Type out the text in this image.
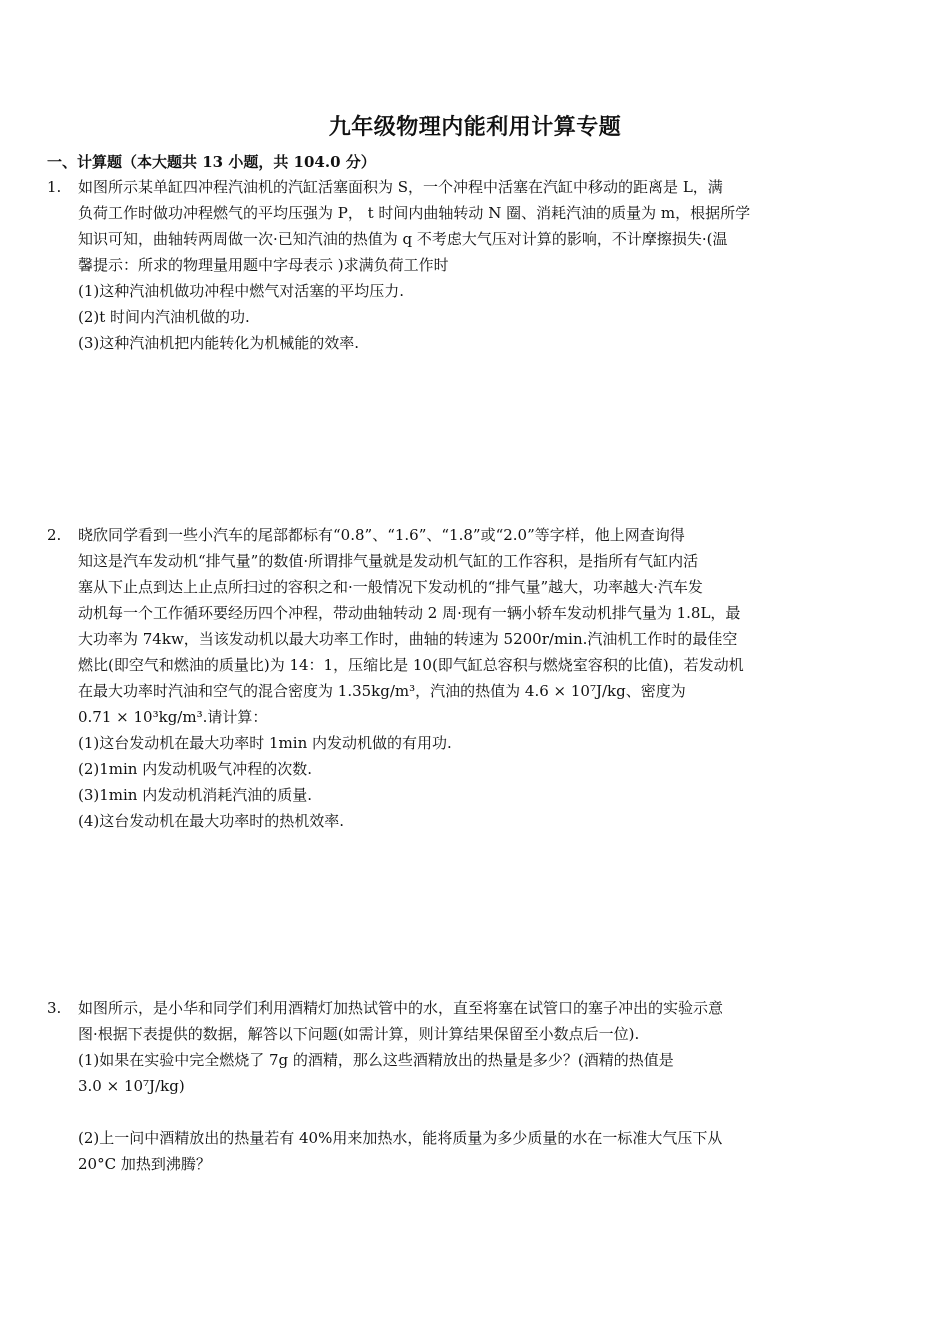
九年级物理内能利用计算专题
一、计算题（本大题共 13 小题，共 104.0 分）
1.	如图所示某单缸四冲程汽油机的汽缸活塞面积为 S，一个冲程中活塞在汽缸中移动的距离是 L，满
负荷工作时做功冲程燃气的平均压强为 P， t 时间内曲轴转动 N 圈、消耗汽油的质量为 m，根据所学
知识可知，曲轴转两周做一次·已知汽油的热值为 q 不考虑大气压对计算的影响，不计摩擦损失·(温
馨提示：所求的物理量用题中字母表示 )求满负荷工作时
(1)这种汽油机做功冲程中燃气对活塞的平均压力.
(2)t 时间内汽油机做的功.
(3)这种汽油机把内能转化为机械能的效率.
2.	晓欣同学看到一些小汽车的尾部都标有“0.8”、“1.6”、“1.8”或“2.0”等字样，他上网查询得
知这是汽车发动机“排气量”的数值·所谓排气量就是发动机气缸的工作容积，是指所有气缸内活
塞从下止点到达上止点所扫过的容积之和·一般情况下发动机的“排气量”越大，功率越大·汽车发
动机每一个工作循环要经历四个冲程，带动曲轴转动 2 周·现有一辆小轿车发动机排气量为 1.8L，最
大功率为 74kw，当该发动机以最大功率工作时，曲轴的转速为 5200r/min.汽油机工作时的最佳空
燃比(即空气和燃油的质量比)为 14：1，压缩比是 10(即气缸总容积与燃烧室容积的比值)，若发动机
在最大功率时汽油和空气的混合密度为 1.35kg/m³，汽油的热值为 4.6 × 10⁷J/kg、密度为
0.71 × 10³kg/m³.请计算：
(1)这台发动机在最大功率时 1min 内发动机做的有用功.
(2)1min 内发动机吸气冲程的次数.
(3)1min 内发动机消耗汽油的质量.
(4)这台发动机在最大功率时的热机效率.
3.	如图所示，是小华和同学们利用酒精灯加热试管中的水，直至将塞在试管口的塞子冲出的实验示意
图·根据下表提供的数据，解答以下问题(如需计算，则计算结果保留至小数点后一位).
(1)如果在实验中完全燃烧了 7g 的酒精，那么这些酒精放出的热量是多少？(酒精的热值是
3.0 × 10⁷J/kg)
(2)上一问中酒精放出的热量若有 40%用来加热水，能将质量为多少质量的水在一标准大气压下从
20°C 加热到沸腾？
